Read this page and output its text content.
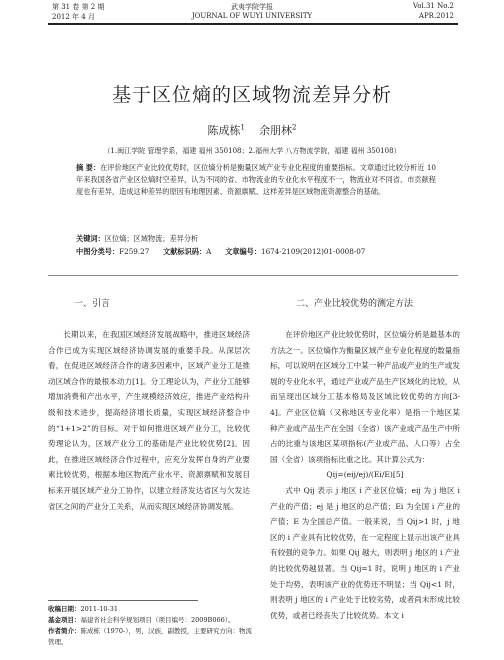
第 31 卷 第 2 期	武夷学院学报	Vol.31 No.2
2012 年 4 月	JOURNAL OF WUYI UNIVERSITY	APR.2012
基于区位熵的区域物流差异分析
陈成栋$^1$ 余朋林$^2$
（1.闽江学院 管理学系，福建 福州 350108；2.福州大学 八方物流学院，福建 福州 350108）
摘 要：在评价地区产业比较优势时，区位熵分析是衡量区域产业专业化程度的重要指标。文章通过比较分析近 10 年来我国各省产业区位熵时空差异，认为不同的省、市物流业的专业化水平程度不一，物流业对不同省、市贡献程度也有差异，造成这种差异的原因有地理因素、资源禀赋、这样差异是区域物流资源整合的基础。
关键词：区位熵；区域物流；差异分析
中图分类号：F259.27 文献标识码：A 文章编号：1674-2109(2012)01-0008-07
一、引言	二、产业比较优势的测定方法

长期以来，在我国区域经济发展战略中，推进区域经济合作已成为实现区域经济协调发展的重要手段。从深层次看，在促进区域经济合作的诸多因素中，区域产业分工是推动区域合作的最根本动力[1]。分工理论认为，产业分工能够增加消费和产出水平，产生规模经济效应，推进产业结构升级和技术进步，提高经济增长质量，实现区域经济整合中的“1+1>2”的目标。对于如何推进区域产业分工，比较优势理论认为，区域产业分工的基础是产业比较优势[2]。因此，在推进区域经济合作过程中，应充分发挥自身的产业要素比较优势，根据本地区物流产业水平、资源禀赋和发展目标来开展区域产业分工协作，以建立经济发达省区与欠发达省区之间的产业分工关系，从而实现区域经济协调发展。

在评价地区产业比较优势时，区位熵分析是最基本的方法之一。区位熵作为衡量区域产业专业化程度的数量指标，可以说明在区域分工中某一种产品或产业的生产或发展的专业化水平，通过产业或产品生产区域化的比较，从而呈现出区域分工基本格局及区域比较优势的方向[3-4]。产业区位熵（又称地区专业化率）是指一个地区某种产业或产品生产在全国（全省）该产业或产品生产中所占的比重与该地区某项指标(产业或产品、人口等）占全国（全省）该项指标比重之比。其计算公式为：

Qij=(eij/ej)/(Ei/E)[5]

式中 Qij 表示 j 地区 i 产业区位熵；eij 为 j 地区 i 产业的产值；ej 是 j 地区的总产值；Ei 为全国 i 产业的产值；E 为全国总产值。一般来说，当 Qij>1 时，j 地区的 i 产业具有比较优势，在一定程度上显示出该产业具有较强的竞争力。如果 Qij 越大，则表明 j 地区的 i 产业的比较优势越显著。当 Qij=1 时，说明 j 地区的 i 产业处于均势，表明该产业的优势还不明显；当 Qij<1 时，则表明 j 地区的 i 产业处于比较劣势，或者尚未形成比较优势，或者已经丧失了比较优势。本文 i

收稿日期：2011-10-31
基金项目：福建省社会科学规划项目（项目编号：2009B066）。
作者简介：陈成栋（1970-），男，汉族，副教授，主要研究方向：物流管理。
